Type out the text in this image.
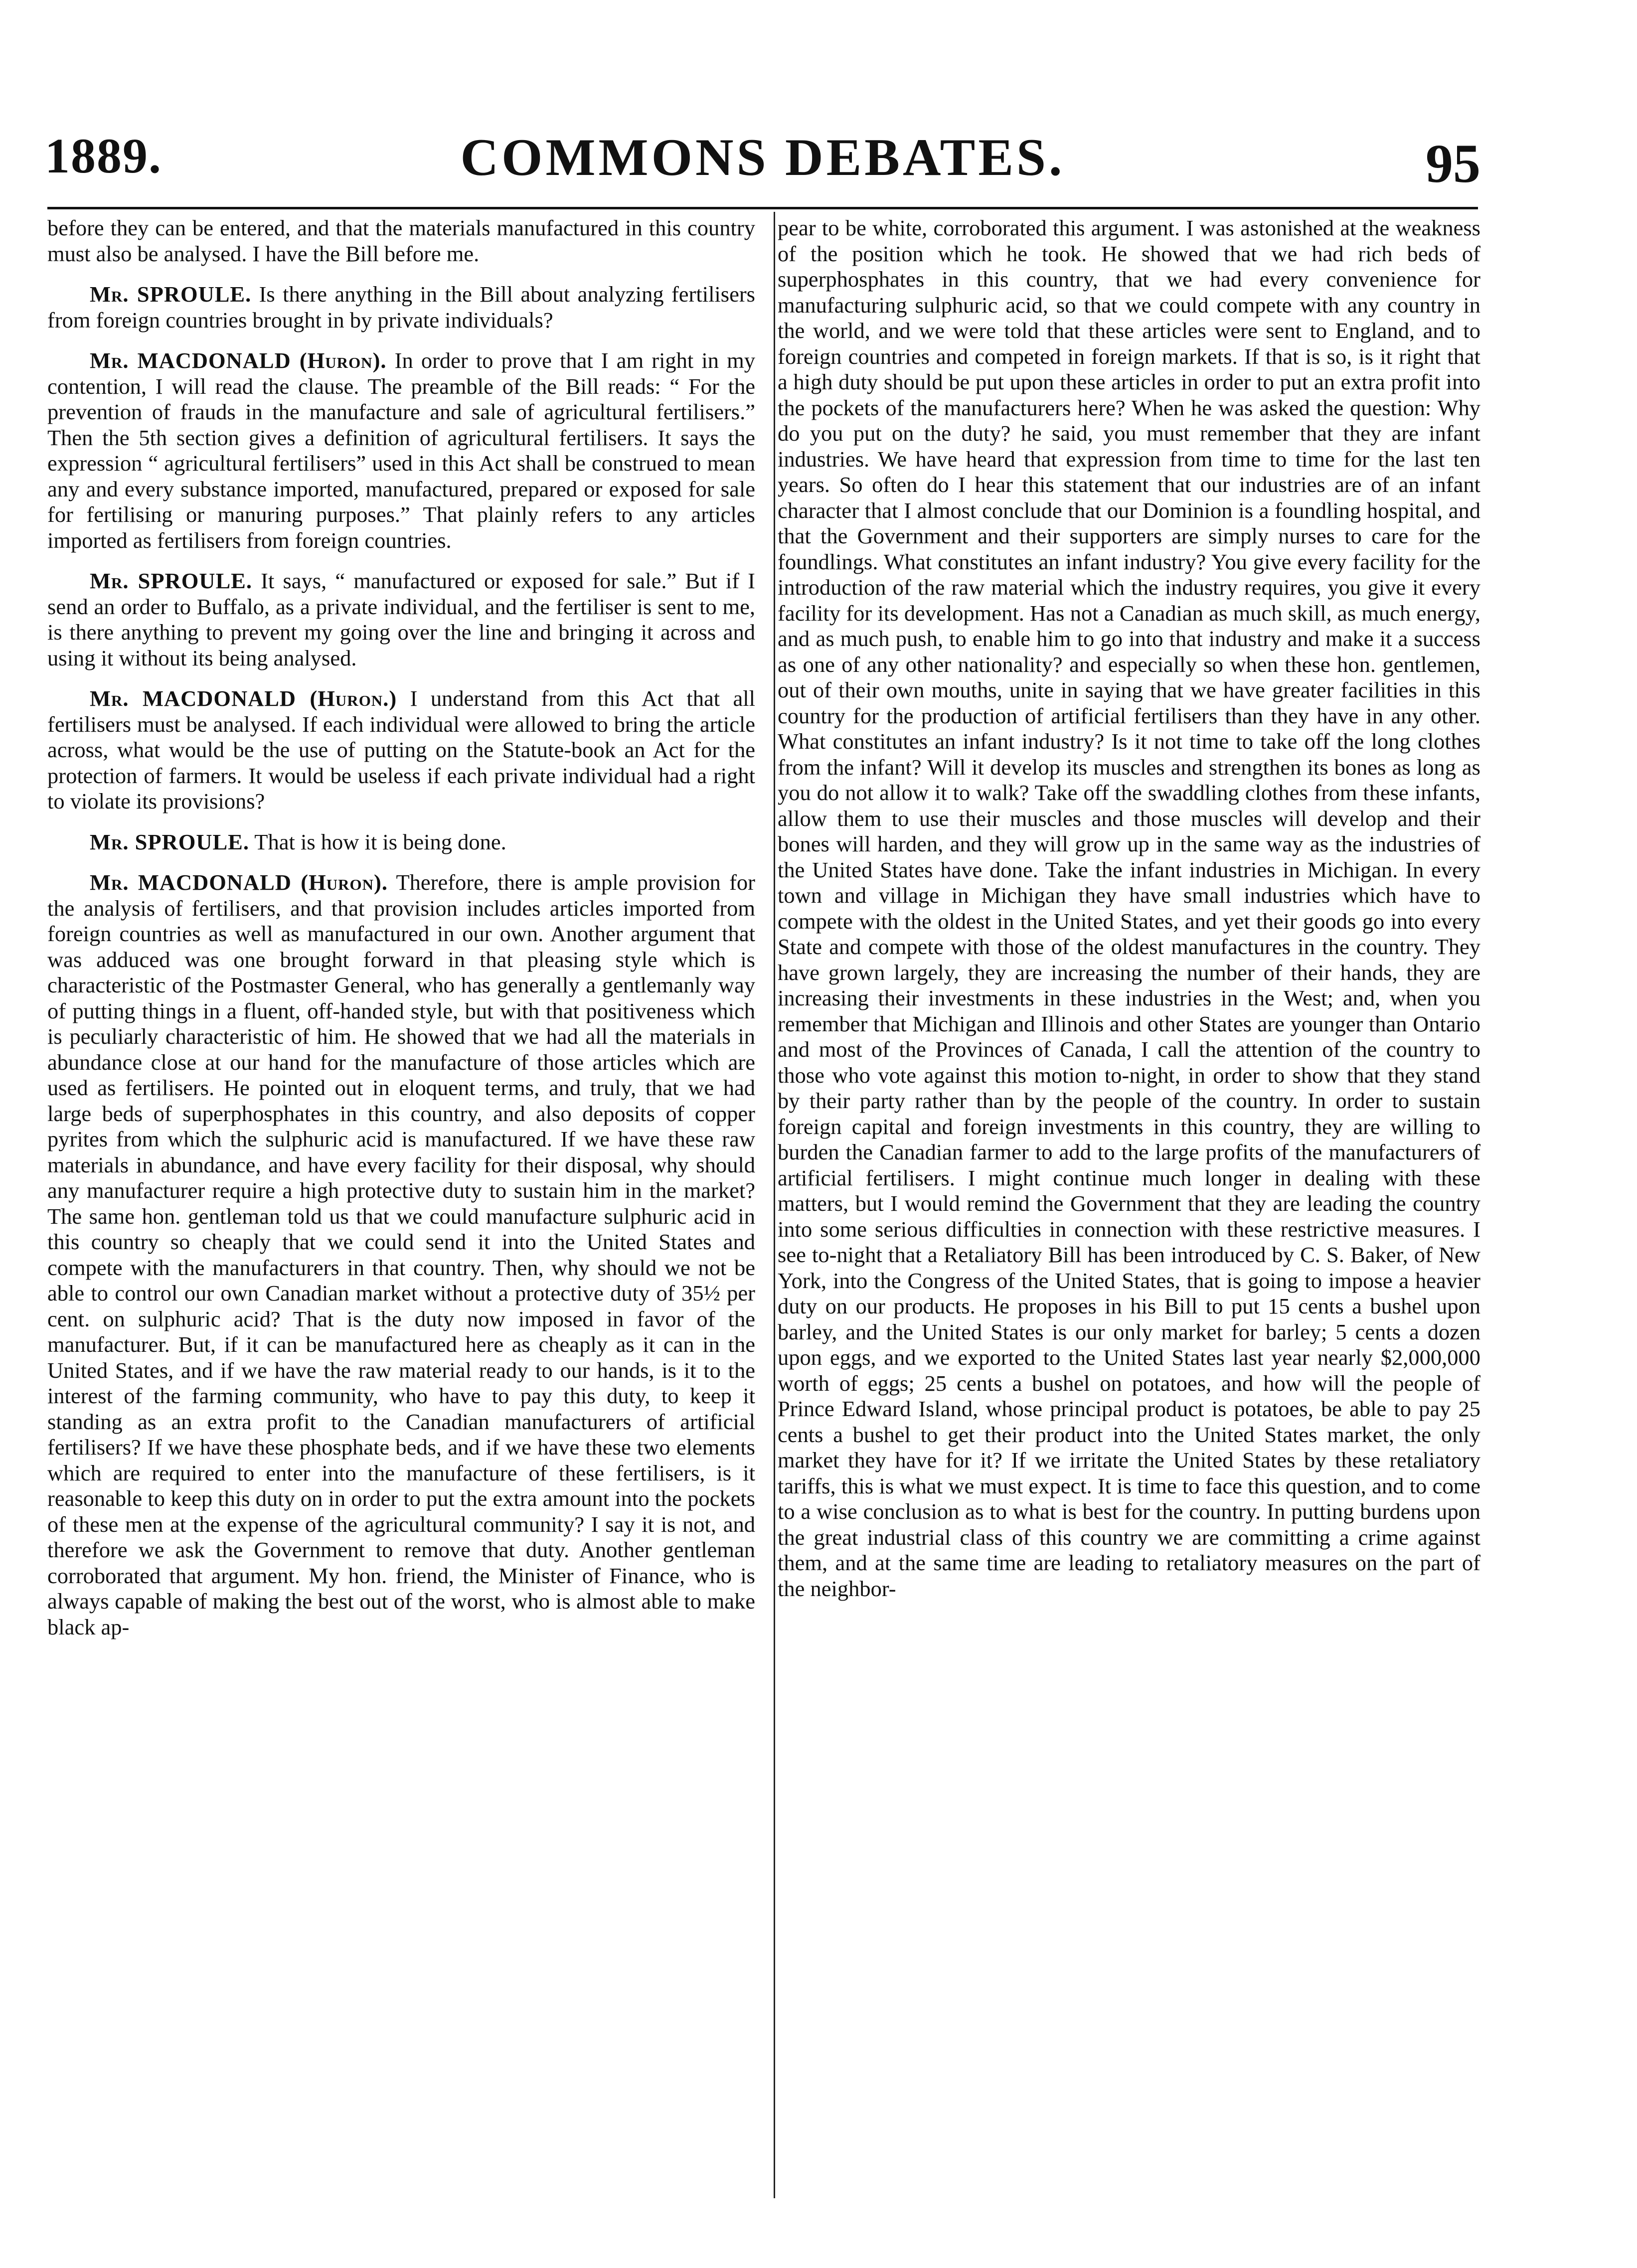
1889.	COMMONS DEBATES.	95

before they can be entered, and that the materials manufactured in this country must also be analysed. I have the Bill before me.

Mr. SPROULE. Is there anything in the Bill about analyzing fertilisers from foreign countries brought in by private individuals?

Mr. MACDONALD (Huron). In order to prove that I am right in my contention, I will read the clause. The preamble of the Bill reads: “ For the prevention of frauds in the manufacture and sale of agricultural fertilisers.” Then the 5th section gives a definition of agricultural fertilisers. It says the expression “ agricultural fertilisers” used in this Act shall be construed to mean any and every substance imported, manufactured, prepared or exposed for sale for fertilising or manuring purposes.” That plainly refers to any articles imported as fertilisers from foreign countries.

Mr. SPROULE. It says, “ manufactured or exposed for sale.” But if I send an order to Buffalo, as a private individual, and the fertiliser is sent to me, is there anything to prevent my going over the line and bringing it across and using it without its being analysed.

Mr. MACDONALD (Huron.) I understand from this Act that all fertilisers must be analysed. If each individual were allowed to bring the article across, what would be the use of putting on the Statute-book an Act for the protection of farmers. It would be useless if each private individual had a right to violate its provisions?

Mr. SPROULE. That is how it is being done.

Mr. MACDONALD (Huron). Therefore, there is ample provision for the analysis of fertilisers, and that provision includes articles imported from foreign countries as well as manufactured in our own. Another argument that was adduced was one brought forward in that pleasing style which is characteristic of the Postmaster General, who has generally a gentlemanly way of putting things in a fluent, off-handed style, but with that positiveness which is peculiarly characteristic of him. He showed that we had all the materials in abundance close at our hand for the manufacture of those articles which are used as fertilisers. He pointed out in eloquent terms, and truly, that we had large beds of superphosphates in this country, and also deposits of copper pyrites from which the sulphuric acid is manufactured. If we have these raw materials in abundance, and have every facility for their disposal, why should any manufacturer require a high protective duty to sustain him in the market? The same hon. gentleman told us that we could manufacture sulphuric acid in this country so cheaply that we could send it into the United States and compete with the manufacturers in that country. Then, why should we not be able to control our own Canadian market without a protective duty of 35½ per cent. on sulphuric acid? That is the duty now imposed in favor of the manufacturer. But, if it can be manufactured here as cheaply as it can in the United States, and if we have the raw material ready to our hands, is it to the interest of the farming community, who have to pay this duty, to keep it standing as an extra profit to the Canadian manufacturers of artificial fertilisers? If we have these phosphate beds, and if we have these two elements which are required to enter into the manufacture of these fertilisers, is it reasonable to keep this duty on in order to put the extra amount into the pockets of these men at the expense of the agricultural community? I say it is not, and therefore we ask the Government to remove that duty. Another gentleman corroborated that argument. My hon. friend, the Minister of Finance, who is always capable of making the best out of the worst, who is almost able to make black ap-

pear to be white, corroborated this argument. I was astonished at the weakness of the position which he took. He showed that we had rich beds of superphosphates in this country, that we had every convenience for manufacturing sulphuric acid, so that we could compete with any country in the world, and we were told that these articles were sent to England, and to foreign countries and competed in foreign markets. If that is so, is it right that a high duty should be put upon these articles in order to put an extra profit into the pockets of the manufacturers here? When he was asked the question: Why do you put on the duty? he said, you must remember that they are infant industries. We have heard that expression from time to time for the last ten years. So often do I hear this statement that our industries are of an infant character that I almost conclude that our Dominion is a foundling hospital, and that the Government and their supporters are simply nurses to care for the foundlings. What constitutes an infant industry? You give every facility for the introduction of the raw material which the industry requires, you give it every facility for its development. Has not a Canadian as much skill, as much energy, and as much push, to enable him to go into that industry and make it a success as one of any other nationality? and especially so when these hon. gentlemen, out of their own mouths, unite in saying that we have greater facilities in this country for the production of artificial fertilisers than they have in any other. What constitutes an infant industry? Is it not time to take off the long clothes from the infant? Will it develop its muscles and strengthen its bones as long as you do not allow it to walk? Take off the swaddling clothes from these infants, allow them to use their muscles and those muscles will develop and their bones will harden, and they will grow up in the same way as the industries of the United States have done. Take the infant industries in Michigan. In every town and village in Michigan they have small industries which have to compete with the oldest in the United States, and yet their goods go into every State and compete with those of the oldest manufactures in the country. They have grown largely, they are increasing the number of their hands, they are increasing their investments in these industries in the West; and, when you remember that Michigan and Illinois and other States are younger than Ontario and most of the Provinces of Canada, I call the attention of the country to those who vote against this motion to-night, in order to show that they stand by their party rather than by the people of the country. In order to sustain foreign capital and foreign investments in this country, they are willing to burden the Canadian farmer to add to the large profits of the manufacturers of artificial fertilisers. I might continue much longer in dealing with these matters, but I would remind the Government that they are leading the country into some serious difficulties in connection with these restrictive measures. I see to-night that a Retaliatory Bill has been introduced by C. S. Baker, of New York, into the Congress of the United States, that is going to impose a heavier duty on our products. He proposes in his Bill to put 15 cents a bushel upon barley, and the United States is our only market for barley; 5 cents a dozen upon eggs, and we exported to the United States last year nearly $2,000,000 worth of eggs; 25 cents a bushel on potatoes, and how will the people of Prince Edward Island, whose principal product is potatoes, be able to pay 25 cents a bushel to get their product into the United States market, the only market they have for it? If we irritate the United States by these retaliatory tariffs, this is what we must expect. It is time to face this question, and to come to a wise conclusion as to what is best for the country. In putting burdens upon the great industrial class of this country we are committing a crime against them, and at the same time are leading to retaliatory measures on the part of the neighbor-
